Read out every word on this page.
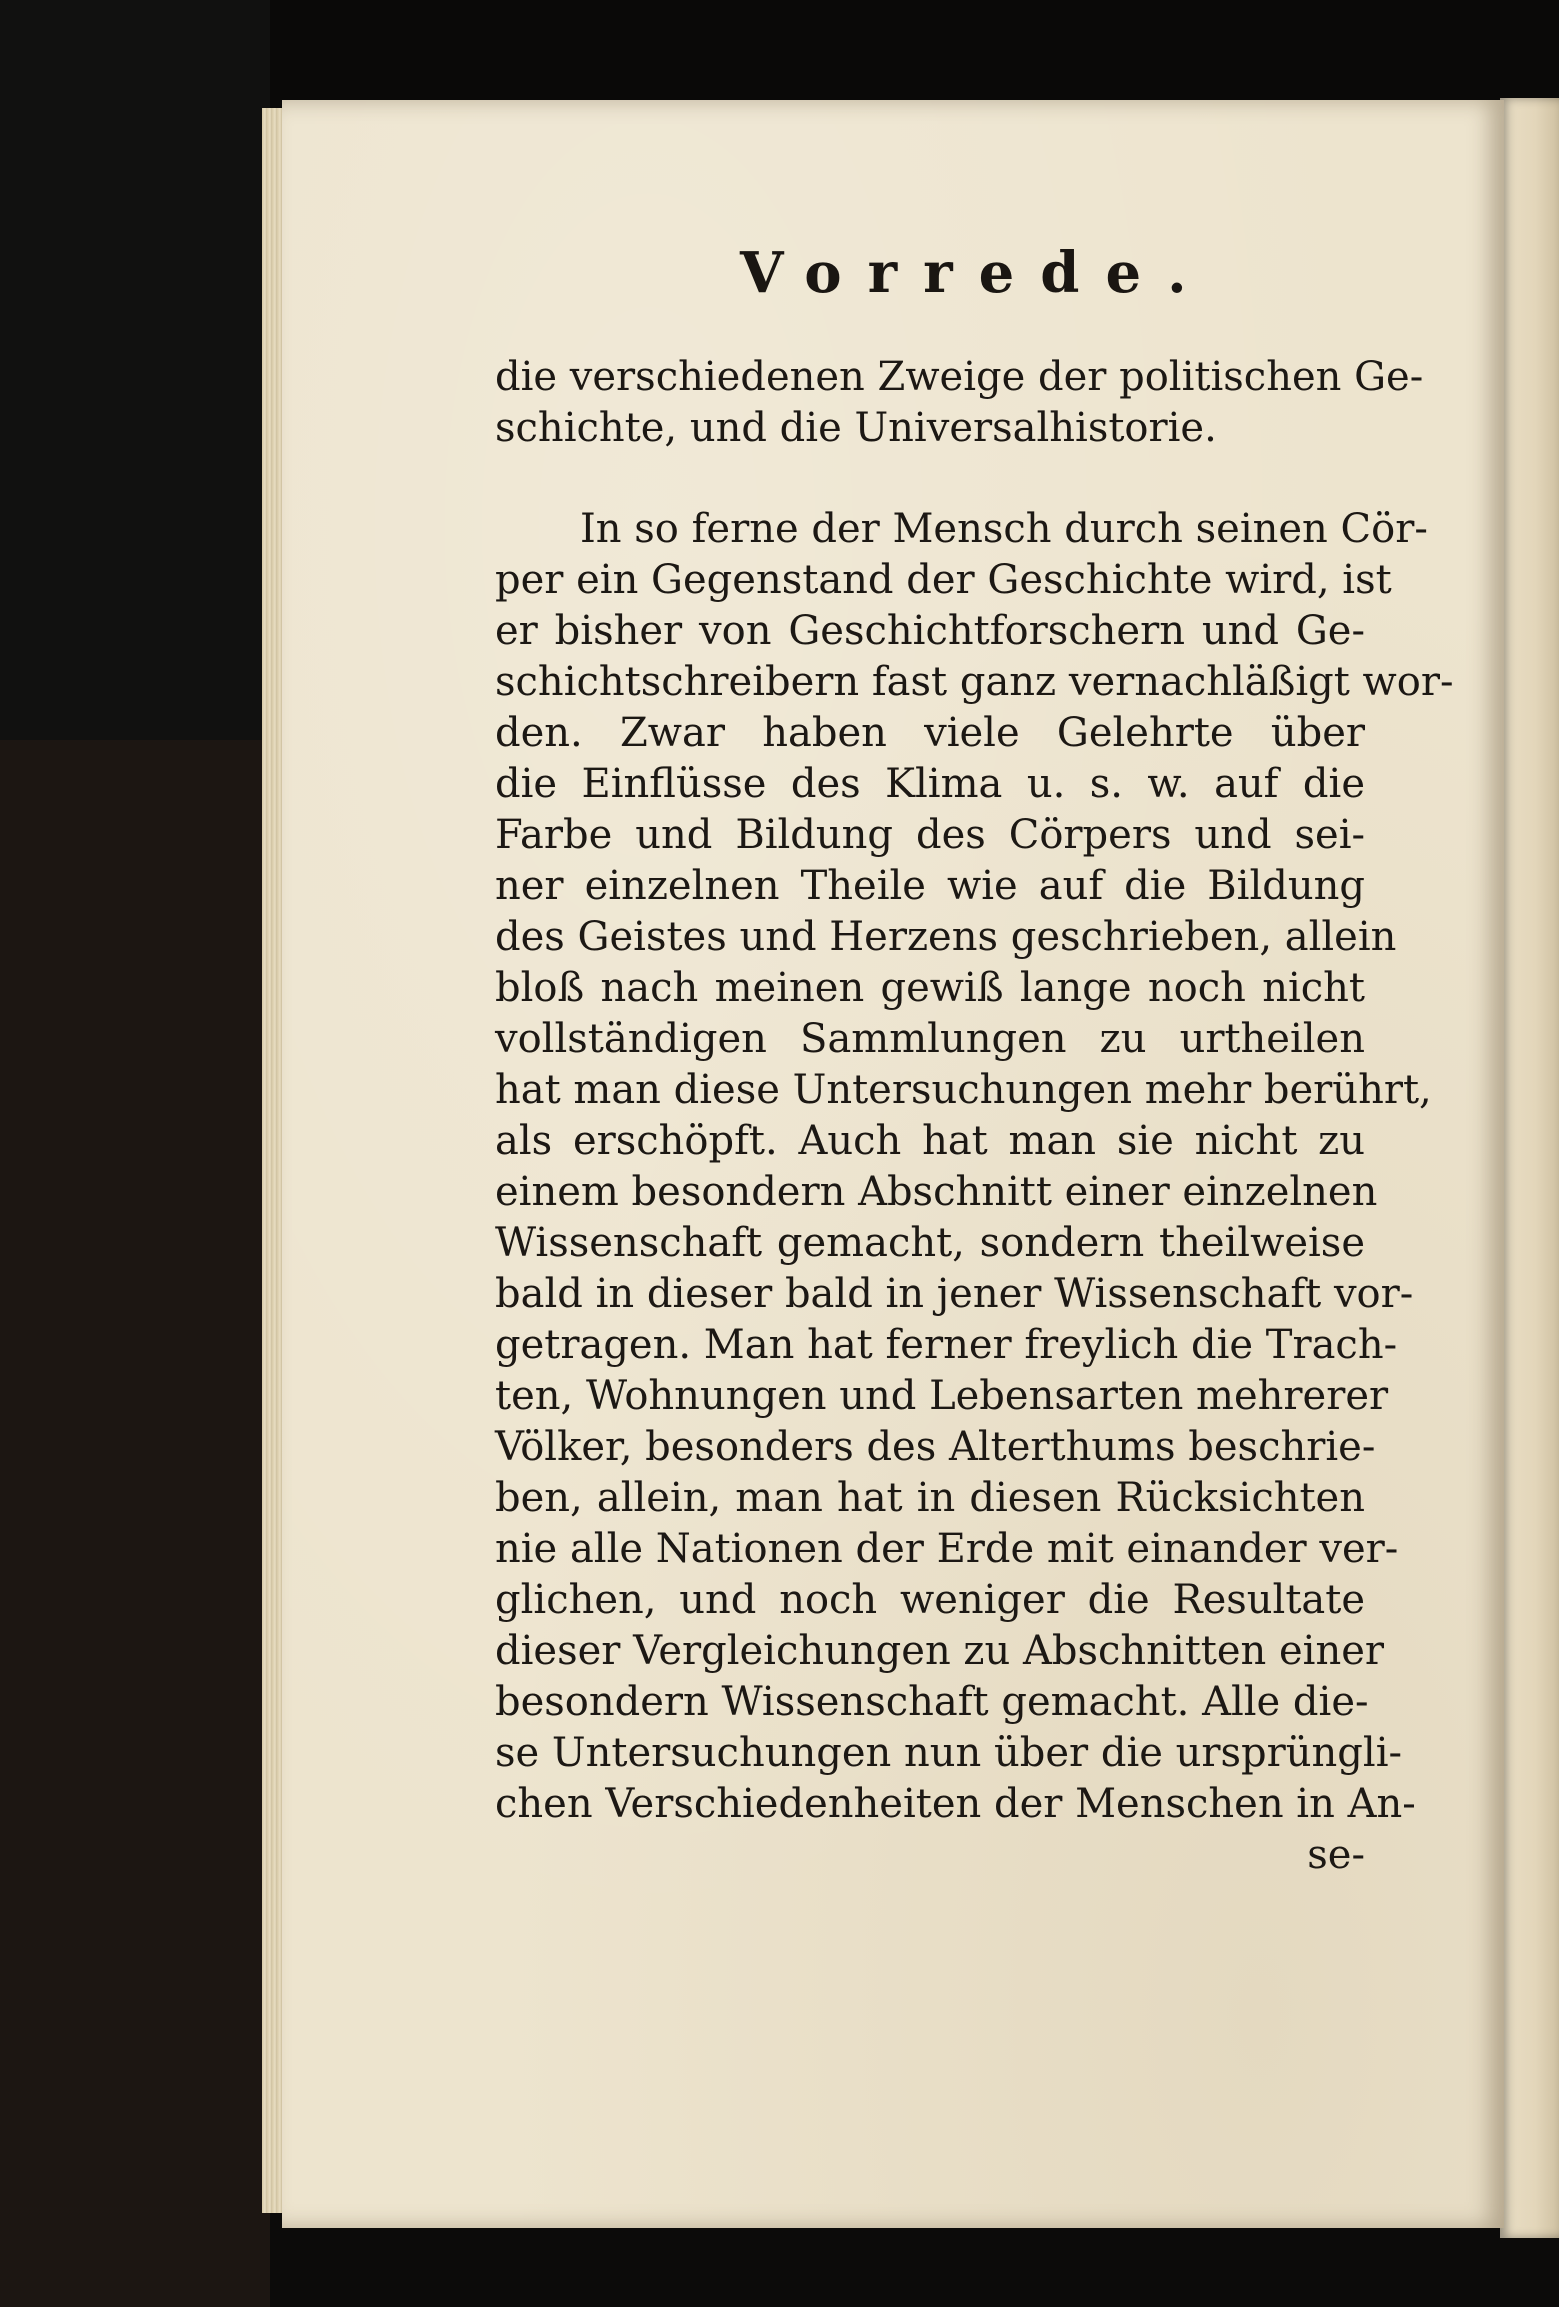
Vorrede.
die verschiedenen Zweige der politischen Ge-
schichte, und die Universalhistorie.
In so ferne der Mensch durch seinen Cör-
per ein Gegenstand der Geschichte wird, ist
er bisher von Geschichtforschern und Ge-
schichtschreibern fast ganz vernachläßigt wor-
den. Zwar haben viele Gelehrte über
die Einflüsse des Klima u. s. w. auf die
Farbe und Bildung des Cörpers und sei-
ner einzelnen Theile wie auf die Bildung
des Geistes und Herzens geschrieben, allein
bloß nach meinen gewiß lange noch nicht
vollständigen Sammlungen zu urtheilen
hat man diese Untersuchungen mehr berührt,
als erschöpft. Auch hat man sie nicht zu
einem besondern Abschnitt einer einzelnen
Wissenschaft gemacht, sondern theilweise
bald in dieser bald in jener Wissenschaft vor-
getragen. Man hat ferner freylich die Trach-
ten, Wohnungen und Lebensarten mehrerer
Völker, besonders des Alterthums beschrie-
ben, allein, man hat in diesen Rücksichten
nie alle Nationen der Erde mit einander ver-
glichen, und noch weniger die Resultate
dieser Vergleichungen zu Abschnitten einer
besondern Wissenschaft gemacht. Alle die-
se Untersuchungen nun über die ursprüngli-
chen Verschiedenheiten der Menschen in An-
se-
